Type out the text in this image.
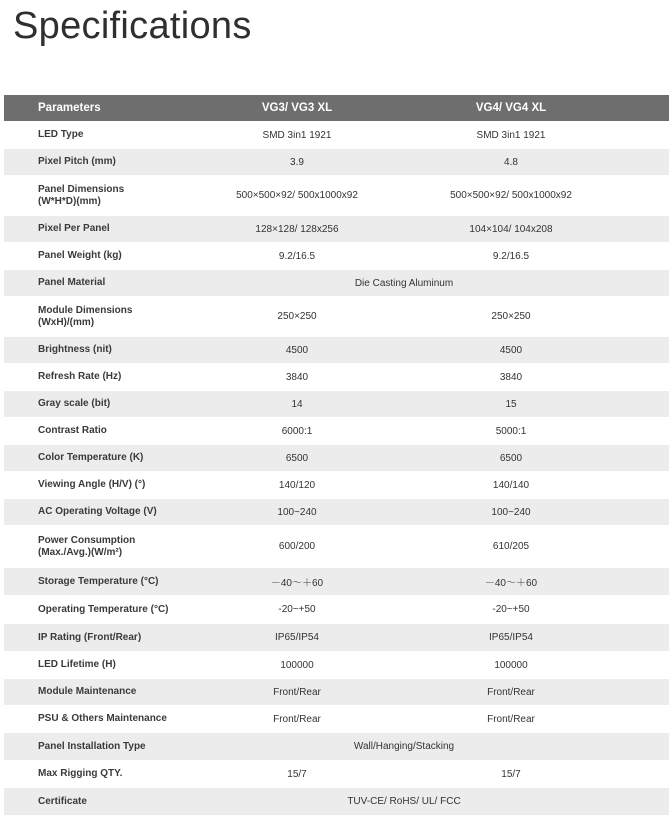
Specifications
Parameters	VG3/ VG3 XL	VG4/ VG4 XL
LED Type	SMD 3in1 1921	SMD 3in1 1921
Pixel Pitch (mm)	3.9	4.8
Panel Dimensions
(W*H*D)(mm)	500×500×92/ 500x1000x92	500×500×92/ 500x1000x92
Pixel Per Panel	128×128/ 128x256	104×104/ 104x208
Panel Weight (kg)	9.2/16.5	9.2/16.5
Panel Material	Die Casting Aluminum
Module Dimensions
(WxH)/(mm)	250×250	250×250
Brightness (nit)	4500	4500
Refresh Rate (Hz)	3840	3840
Gray scale (bit)	14	15
Contrast Ratio	6000:1	5000:1
Color Temperature (K)	6500	6500
Viewing Angle (H/V) (°)	140/120	140/140
AC Operating Voltage (V)	100~240	100~240
Power Consumption
(Max./Avg.)(W/m²)	600/200	610/205
Storage Temperature (°C)	－40～＋60	－40～＋60
Operating Temperature (°C)	-20~+50	-20~+50
IP Rating (Front/Rear)	IP65/IP54	IP65/IP54
LED Lifetime (H)	100000	100000
Module Maintenance	Front/Rear	Front/Rear
PSU & Others Maintenance	Front/Rear	Front/Rear
Panel Installation Type	Wall/Hanging/Stacking
Max Rigging QTY.	15/7	15/7
Certificate	TUV-CE/ RoHS/ UL/ FCC
